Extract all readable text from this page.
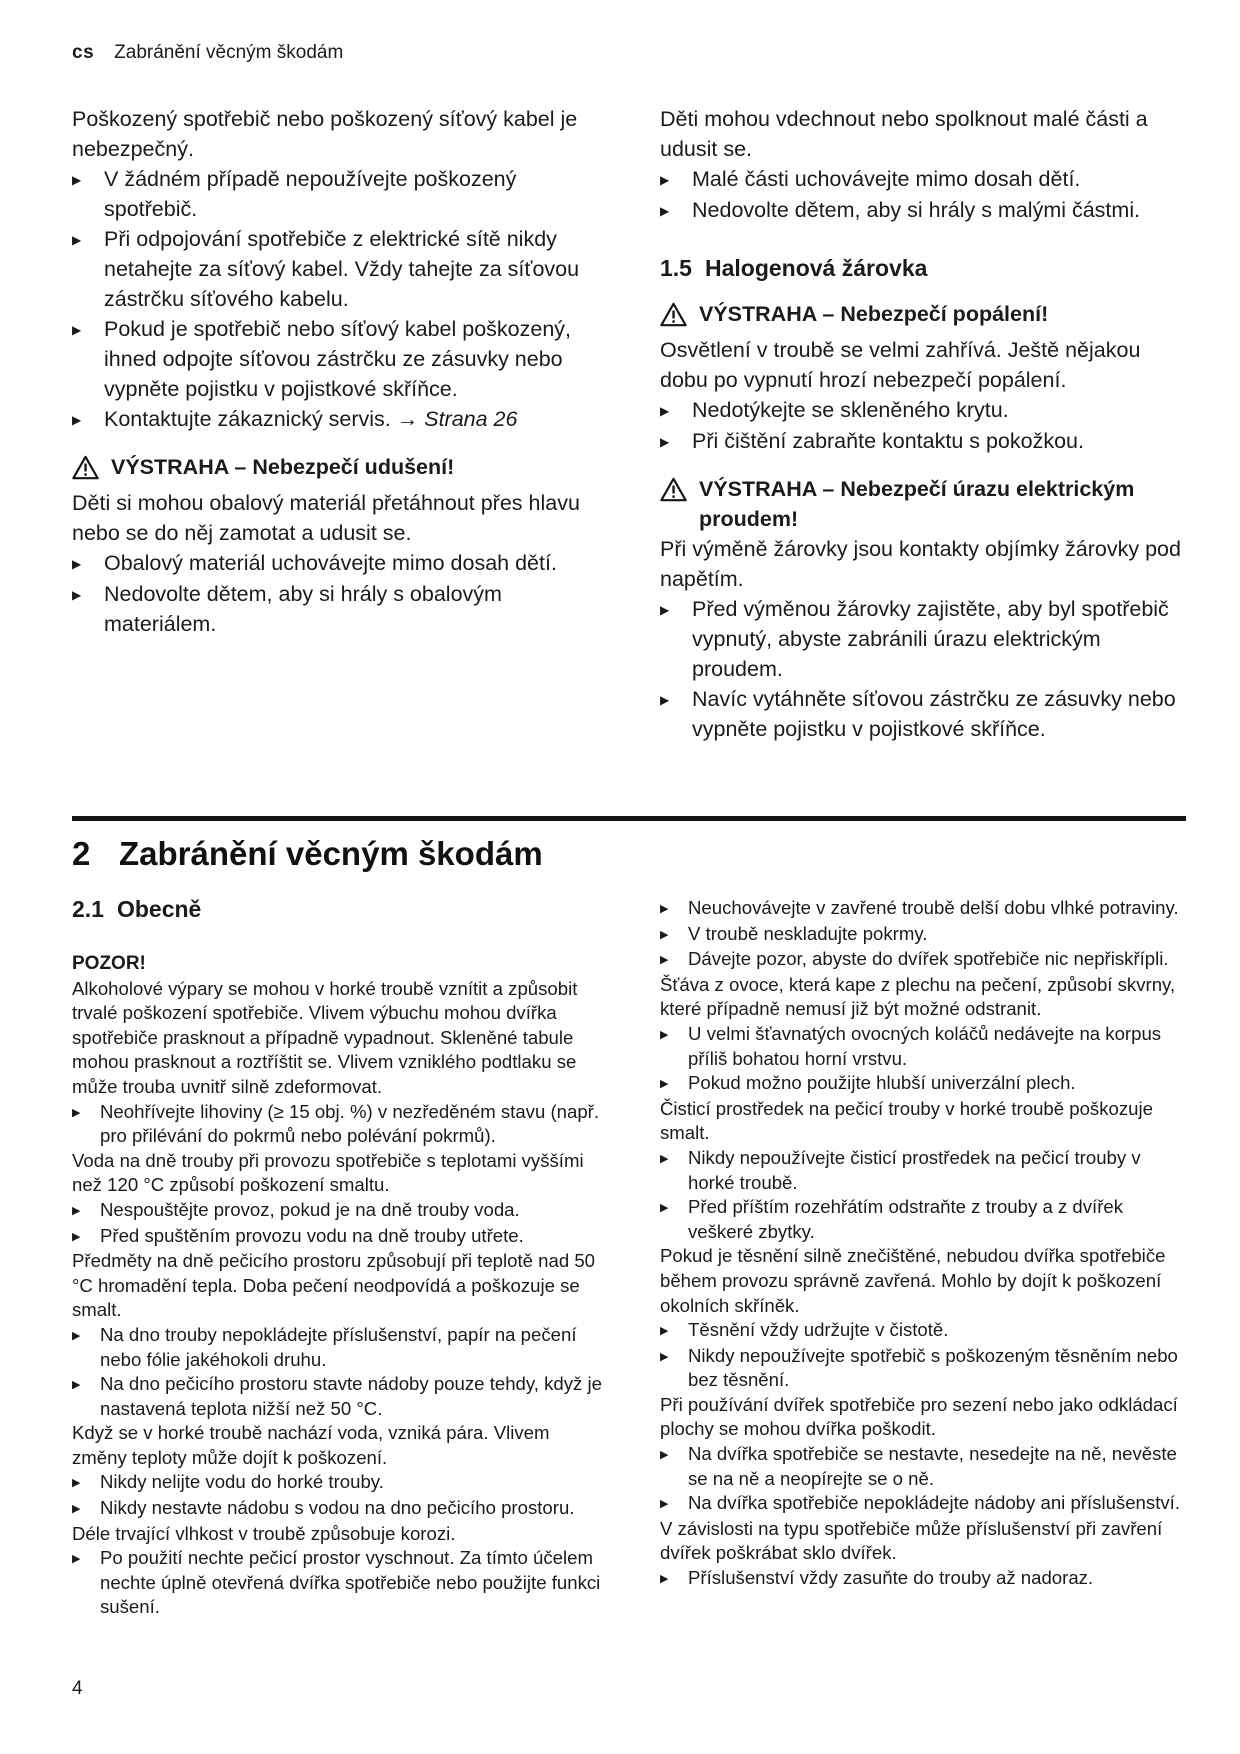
cs Zabránění věcným škodám

Poškozený spotřebič nebo poškozený síťový kabel je nebezpečný.

▶	V žádném případě nepoužívejte poškozený spotřebič.
▶	Při odpojování spotřebiče z elektrické sítě nikdy netahejte za síťový kabel. Vždy tahejte za síťovou zástrčku síťového kabelu.
▶	Pokud je spotřebič nebo síťový kabel poškozený, ihned odpojte síťovou zástrčku ze zásuvky nebo vypněte pojistku v pojistkové skříňce.
▶	Kontaktujte zákaznický servis. → Strana 26
VÝSTRAHA – Nebezpečí udušení!

Děti si mohou obalový materiál přetáhnout přes hlavu nebo se do něj zamotat a udusit se.

▶	Obalový materiál uchovávejte mimo dosah dětí.
▶	Nedovolte dětem, aby si hrály s obalovým materiálem.

Děti mohou vdechnout nebo spolknout malé části a udusit se.

▶	Malé části uchovávejte mimo dosah dětí.
▶	Nedovolte dětem, aby si hrály s malými částmi.
1.5 Halogenová žárovka
VÝSTRAHA – Nebezpečí popálení!

Osvětlení v troubě se velmi zahřívá. Ještě nějakou dobu po vypnutí hrozí nebezpečí popálení.

▶	Nedotýkejte se skleněného krytu.
▶	Při čištění zabraňte kontaktu s pokožkou.
VÝSTRAHA – Nebezpečí úrazu elektrickým proudem!

Při výměně žárovky jsou kontakty objímky žárovky pod napětím.

▶	Před výměnou žárovky zajistěte, aby byl spotřebič vypnutý, abyste zabránili úrazu elektrickým proudem.
▶	Navíc vytáhněte síťovou zástrčku ze zásuvky nebo vypněte pojistku v pojistkové skříňce.
2 Zabránění věcným škodám
2.1 Obecně
POZOR!

Alkoholové výpary se mohou v horké troubě vznítit a způsobit trvalé poškození spotřebiče. Vlivem výbuchu mohou dvířka spotřebiče prasknout a případně vypadnout. Skleněné tabule mohou prasknout a roztříštit se. Vlivem vzniklého podtlaku se může trouba uvnitř silně zdeformovat.

▶	Neohřívejte lihoviny (≥ 15 obj. %) v nezředěném stavu (např. pro přilévání do pokrmů nebo polévání pokrmů).

Voda na dně trouby při provozu spotřebiče s teplotami vyššími než 120 °C způsobí poškození smaltu.

▶	Nespouštějte provoz, pokud je na dně trouby voda.
▶	Před spuštěním provozu vodu na dně trouby utřete.

Předměty na dně pečicího prostoru způsobují při teplotě nad 50 °C hromadění tepla. Doba pečení neodpovídá a poškozuje se smalt.

▶	Na dno trouby nepokládejte příslušenství, papír na pečení nebo fólie jakéhokoli druhu.
▶	Na dno pečicího prostoru stavte nádoby pouze tehdy, když je nastavená teplota nižší než 50 °C.

Když se v horké troubě nachází voda, vzniká pára. Vlivem změny teploty může dojít k poškození.

▶	Nikdy nelijte vodu do horké trouby.
▶	Nikdy nestavte nádobu s vodou na dno pečicího prostoru.

Déle trvající vlhkost v troubě způsobuje korozi.

▶	Po použití nechte pečicí prostor vyschnout. Za tímto účelem nechte úplně otevřená dvířka spotřebiče nebo použijte funkci sušení.
▶	Neuchovávejte v zavřené troubě delší dobu vlhké potraviny.
▶	V troubě neskladujte pokrmy.
▶	Dávejte pozor, abyste do dvířek spotřebiče nic nepřiskřípli.

Šťáva z ovoce, která kape z plechu na pečení, způsobí skvrny, které případně nemusí již být možné odstranit.

▶	U velmi šťavnatých ovocných koláčů nedávejte na korpus příliš bohatou horní vrstvu.
▶	Pokud možno použijte hlubší univerzální plech.

Čisticí prostředek na pečicí trouby v horké troubě poškozuje smalt.

▶	Nikdy nepoužívejte čisticí prostředek na pečicí trouby v horké troubě.
▶	Před příštím rozehřátím odstraňte z trouby a z dvířek veškeré zbytky.

Pokud je těsnění silně znečištěné, nebudou dvířka spotřebiče během provozu správně zavřená. Mohlo by dojít k poškození okolních skříněk.

▶	Těsnění vždy udržujte v čistotě.
▶	Nikdy nepoužívejte spotřebič s poškozeným těsněním nebo bez těsnění.

Při používání dvířek spotřebiče pro sezení nebo jako odkládací plochy se mohou dvířka poškodit.

▶	Na dvířka spotřebiče se nestavte, nesedejte na ně, nevěste se na ně a neopírejte se o ně.
▶	Na dvířka spotřebiče nepokládejte nádoby ani příslušenství.

V závislosti na typu spotřebiče může příslušenství při zavření dvířek poškrábat sklo dvířek.

▶	Příslušenství vždy zasuňte do trouby až nadoraz.
4
